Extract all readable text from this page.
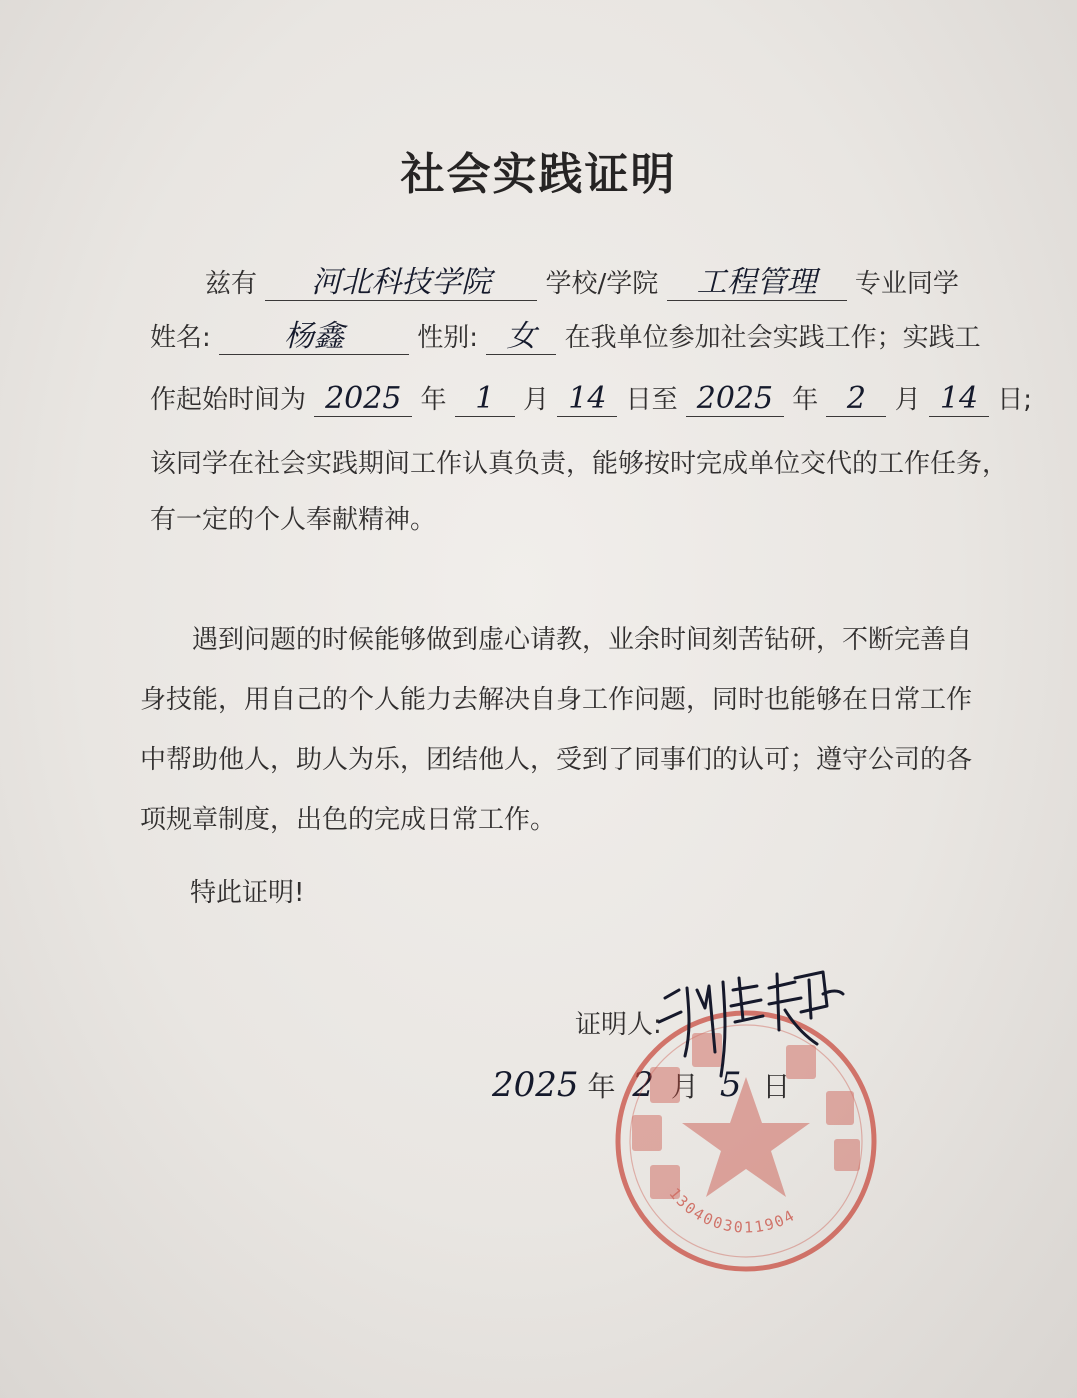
社会实践证明
兹有 河北科技学院 学校/学院 工程管理 专业同学
姓名: 杨鑫	性别: 女 在我单位参加社会实践工作；实践工
作起始时间为 2025 年 1 月 14 日至 2025 年 2 月 14 日;
该同学在社会实践期间工作认真负责，能够按时完成单位交代的工作任务，
有一定的个人奉献精神。
遇到问题的时候能够做到虚心请教，业余时间刻苦钻研，不断完善自
身技能，用自己的个人能力去解决自身工作问题，同时也能够在日常工作
中帮助他人，助人为乐，团结他人，受到了同事们的认可；遵守公司的各
项规章制度，出色的完成日常工作。
特此证明!
证明人:
2025 年 2 月 5 日
1304003011904
